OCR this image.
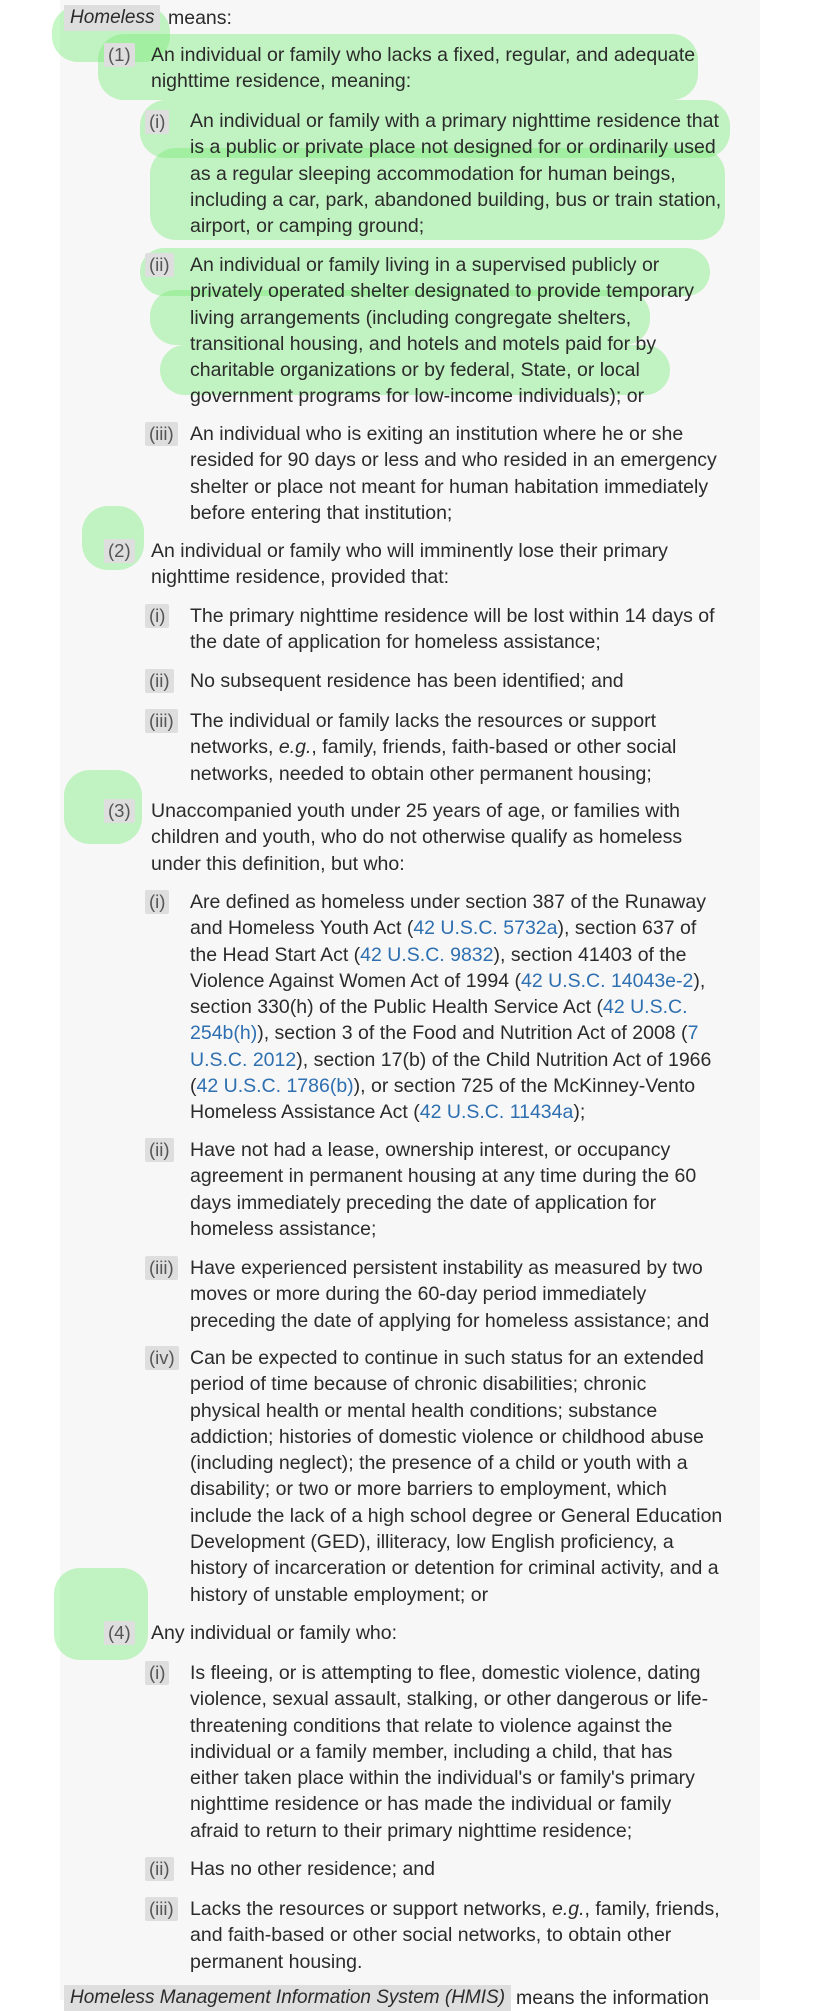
Homeless means:
(1) An individual or family who lacks a fixed, regular, and adequate
nighttime residence, meaning:
(i) An individual or family with a primary nighttime residence that
is a public or private place not designed for or ordinarily used
as a regular sleeping accommodation for human beings,
including a car, park, abandoned building, bus or train station,
airport, or camping ground;
(ii) An individual or family living in a supervised publicly or
privately operated shelter designated to provide temporary
living arrangements (including congregate shelters,
transitional housing, and hotels and motels paid for by
charitable organizations or by federal, State, or local
government programs for low-income individuals); or
(iii) An individual who is exiting an institution where he or she
resided for 90 days or less and who resided in an emergency
shelter or place not meant for human habitation immediately
before entering that institution;
(2) An individual or family who will imminently lose their primary
nighttime residence, provided that:
(i) The primary nighttime residence will be lost within 14 days of
the date of application for homeless assistance;
(ii) No subsequent residence has been identified; and
(iii) The individual or family lacks the resources or support
networks, e.g., family, friends, faith-based or other social
networks, needed to obtain other permanent housing;
(3) Unaccompanied youth under 25 years of age, or families with
children and youth, who do not otherwise qualify as homeless
under this definition, but who:
(i) Are defined as homeless under section 387 of the Runaway
and Homeless Youth Act (42 U.S.C. 5732a), section 637 of
the Head Start Act (42 U.S.C. 9832), section 41403 of the
Violence Against Women Act of 1994 (42 U.S.C. 14043e-2),
section 330(h) of the Public Health Service Act (42 U.S.C.
254b(h)), section 3 of the Food and Nutrition Act of 2008 (7
U.S.C. 2012), section 17(b) of the Child Nutrition Act of 1966
(42 U.S.C. 1786(b)), or section 725 of the McKinney-Vento
Homeless Assistance Act (42 U.S.C. 11434a);
(ii) Have not had a lease, ownership interest, or occupancy
agreement in permanent housing at any time during the 60
days immediately preceding the date of application for
homeless assistance;
(iii) Have experienced persistent instability as measured by two
moves or more during the 60-day period immediately
preceding the date of applying for homeless assistance; and
(iv) Can be expected to continue in such status for an extended
period of time because of chronic disabilities; chronic
physical health or mental health conditions; substance
addiction; histories of domestic violence or childhood abuse
(including neglect); the presence of a child or youth with a
disability; or two or more barriers to employment, which
include the lack of a high school degree or General Education
Development (GED), illiteracy, low English proficiency, a
history of incarceration or detention for criminal activity, and a
history of unstable employment; or
(4) Any individual or family who:
(i) Is fleeing, or is attempting to flee, domestic violence, dating
violence, sexual assault, stalking, or other dangerous or life-
threatening conditions that relate to violence against the
individual or a family member, including a child, that has
either taken place within the individual's or family's primary
nighttime residence or has made the individual or family
afraid to return to their primary nighttime residence;
(ii) Has no other residence; and
(iii) Lacks the resources or support networks, e.g., family, friends,
and faith-based or other social networks, to obtain other
permanent housing.
Homeless Management Information System (HMIS) means the information
